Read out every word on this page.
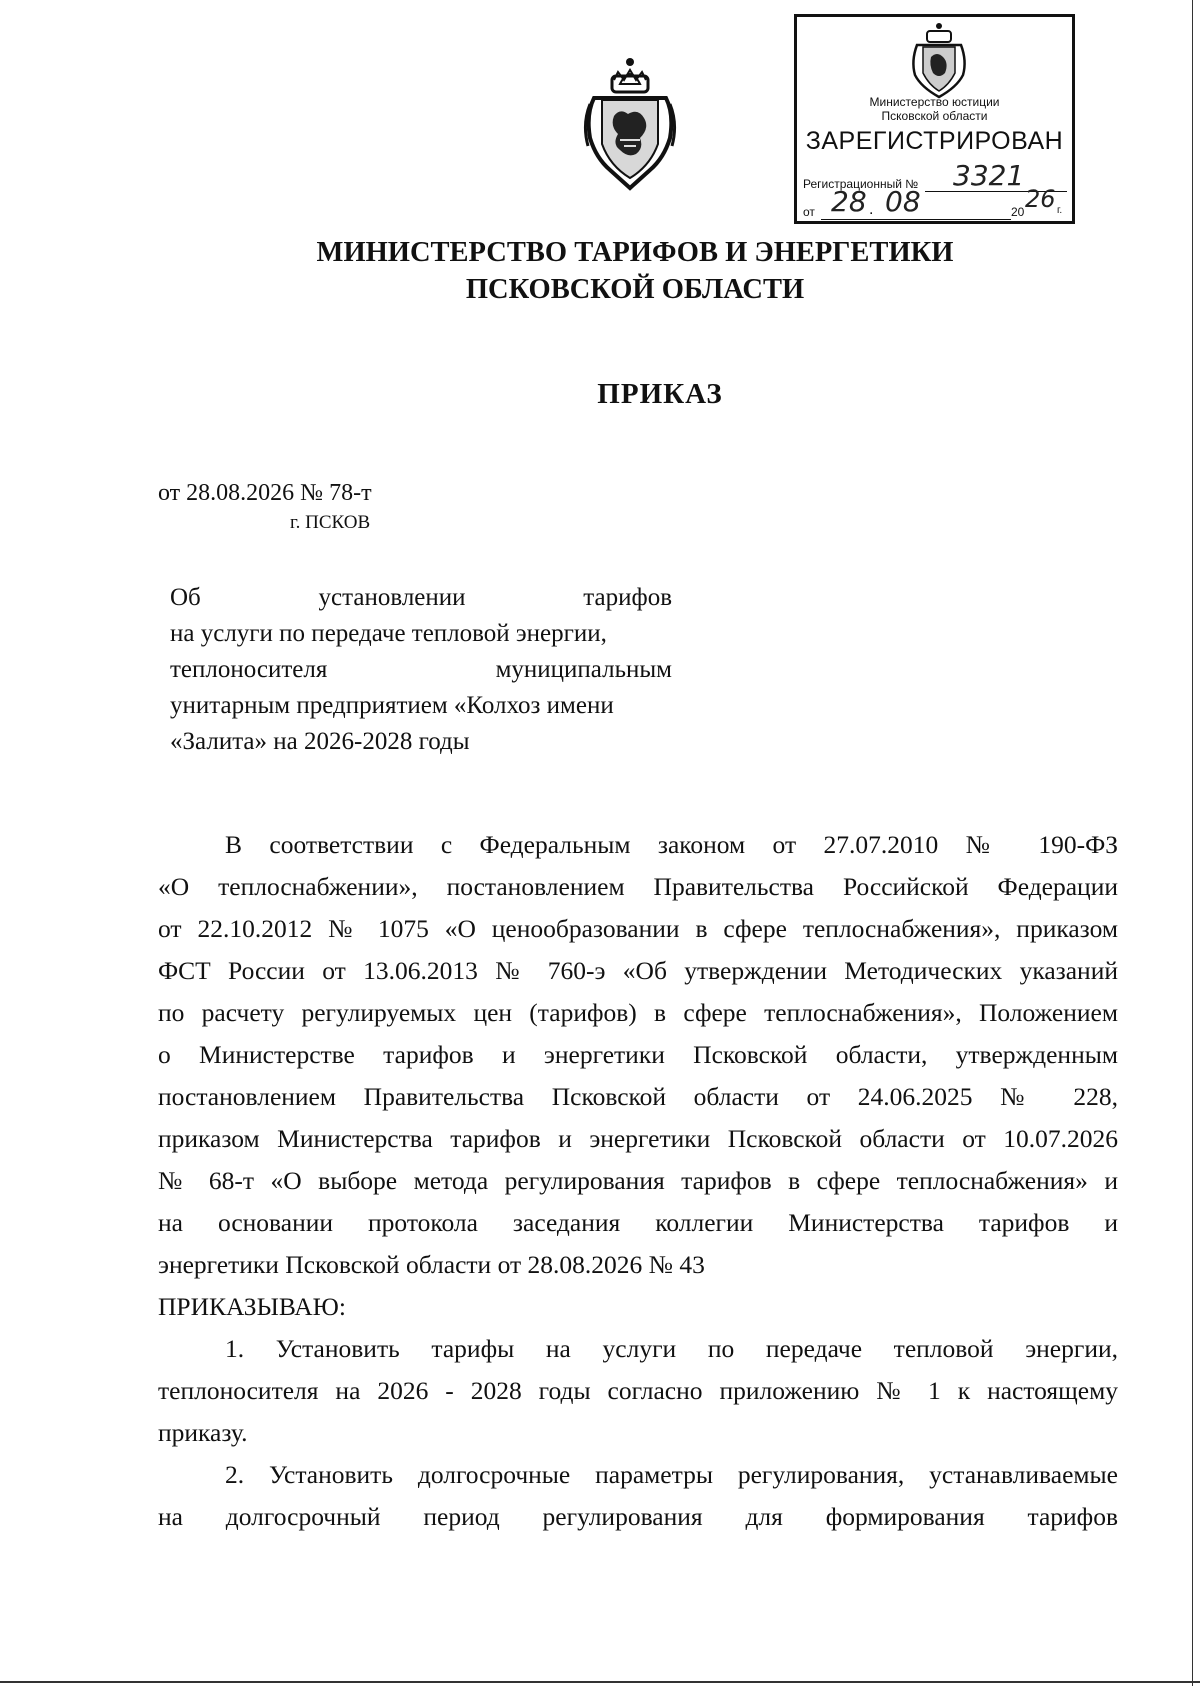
Министерство юстиции
Псковской области
ЗАРЕГИСТРИРОВАН
Регистрационный № 3321
от 28 . 08	20 26 г.
МИНИСТЕРСТВО ТАРИФОВ И ЭНЕРГЕТИКИ
ПСКОВСКОЙ ОБЛАСТИ
ПРИКАЗ
от 28.08.2026 № 78-т
г. ПСКОВ
Об установлении тарифов
на услуги по передаче тепловой энергии,
теплоносителя муниципальным
унитарным предприятием «Колхоз имени
«Залита» на 2026-2028 годы
В соответствии с Федеральным законом от 27.07.2010 № 190-ФЗ
«О теплоснабжении», постановлением Правительства Российской Федерации
от 22.10.2012 № 1075 «О ценообразовании в сфере теплоснабжения», приказом
ФСТ России от 13.06.2013 № 760-э «Об утверждении Методических указаний
по расчету регулируемых цен (тарифов) в сфере теплоснабжения», Положением
о Министерстве тарифов и энергетики Псковской области, утвержденным
постановлением Правительства Псковской области от 24.06.2025 № 228,
приказом Министерства тарифов и энергетики Псковской области от 10.07.2026
№ 68-т «О выборе метода регулирования тарифов в сфере теплоснабжения» и
на основании протокола заседания коллегии Министерства тарифов и
энергетики Псковской области от 28.08.2026 № 43
ПРИКАЗЫВАЮ:
1. Установить тарифы на услуги по передаче тепловой энергии,
теплоносителя на 2026 - 2028 годы согласно приложению № 1 к настоящему
приказу.
2. Установить долгосрочные параметры регулирования, устанавливаемые
на долгосрочный период регулирования для формирования тарифов
